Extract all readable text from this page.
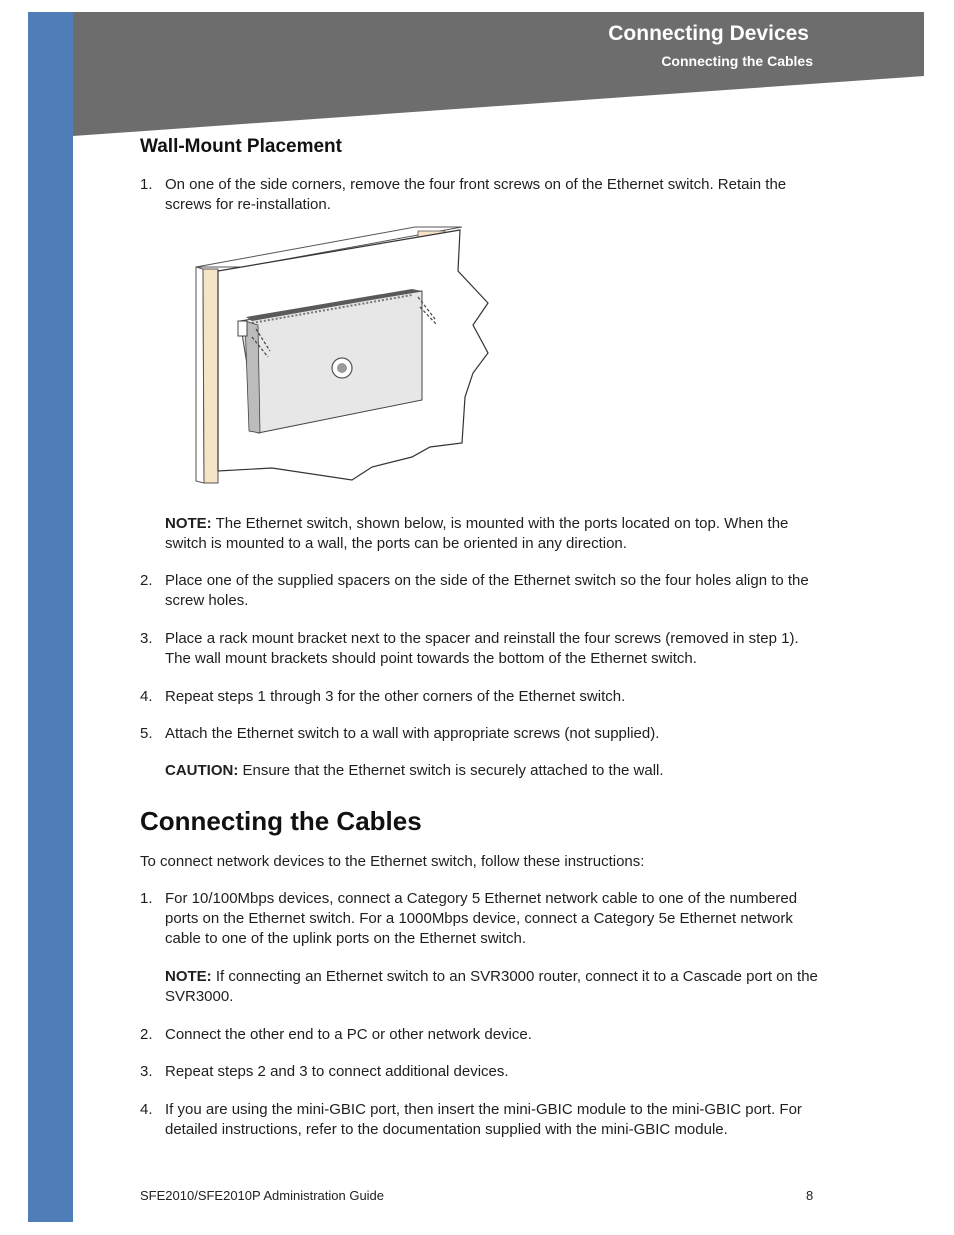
Connecting Devices
Connecting the Cables
Wall-Mount Placement
1. On one of the side corners, remove the four front screws on of the Ethernet switch. Retain the screws for re-installation.
NOTE: The Ethernet switch, shown below, is mounted with the ports located on top. When the switch is mounted to a wall, the ports can be oriented in any direction.
2. Place one of the supplied spacers on the side of the Ethernet switch so the four holes align to the screw holes.
3. Place a rack mount bracket next to the spacer and reinstall the four screws (removed in step 1). The wall mount brackets should point towards the bottom of the Ethernet switch.
4. Repeat steps 1 through 3 for the other corners of the Ethernet switch.
5. Attach the Ethernet switch to a wall with appropriate screws (not supplied).
CAUTION: Ensure that the Ethernet switch is securely attached to the wall.
Connecting the Cables
To connect network devices to the Ethernet switch, follow these instructions:
1. For 10/100Mbps devices, connect a Category 5 Ethernet network cable to one of the numbered ports on the Ethernet switch. For a 1000Mbps device, connect a Category 5e Ethernet network cable to one of the uplink ports on the Ethernet switch.
NOTE: If connecting an Ethernet switch to an SVR3000 router, connect it to a Cascade port on the SVR3000.
2. Connect the other end to a PC or other network device.
3. Repeat steps 2 and 3 to connect additional devices.
4. If you are using the mini-GBIC port, then insert the mini-GBIC module to the mini-GBIC port. For detailed instructions, refer to the documentation supplied with the mini-GBIC module.
SFE2010/SFE2010P Administration Guide	8
